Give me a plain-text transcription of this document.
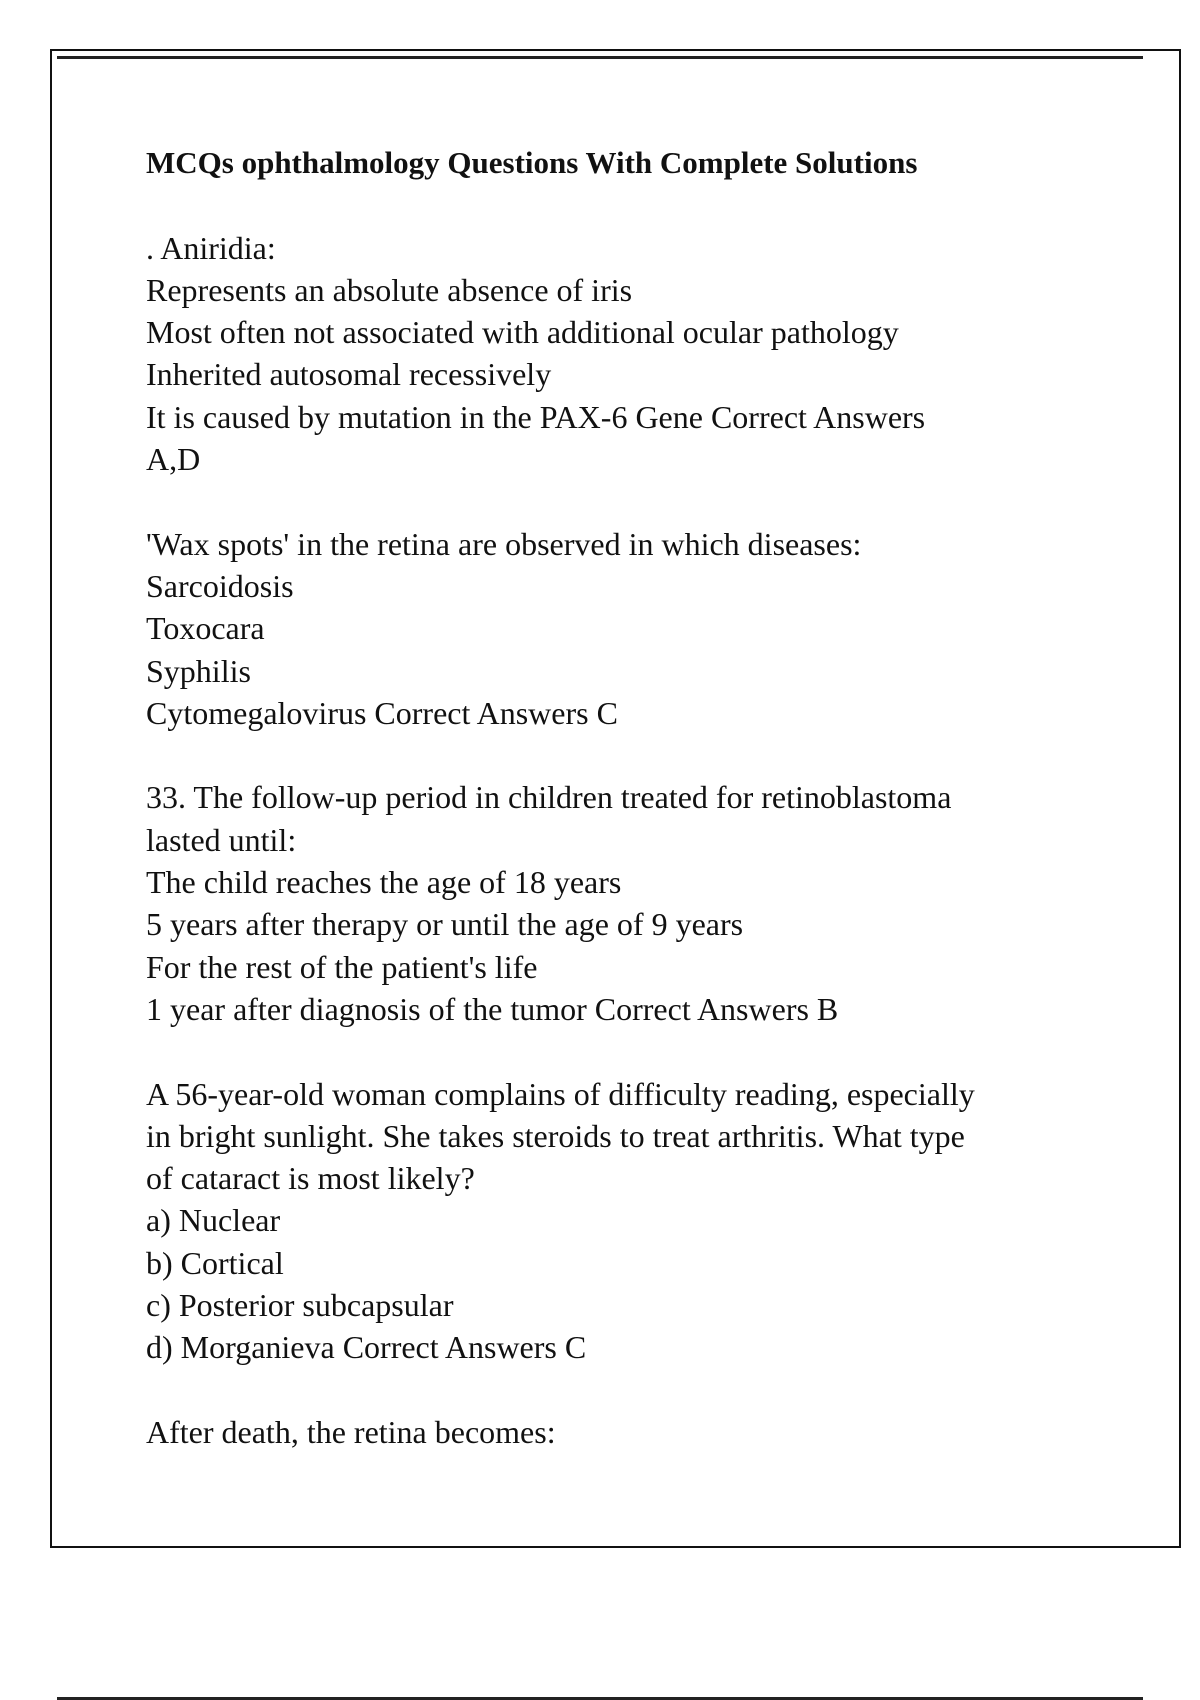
MCQs ophthalmology Questions With Complete Solutions
. Aniridia:
Represents an absolute absence of iris
Most often not associated with additional ocular pathology
Inherited autosomal recessively
It is caused by mutation in the PAX-6 Gene Correct Answers
A,D
'Wax spots' in the retina are observed in which diseases:
Sarcoidosis
Toxocara
Syphilis
Cytomegalovirus Correct Answers C
33. The follow-up period in children treated for retinoblastoma
lasted until:
The child reaches the age of 18 years
5 years after therapy or until the age of 9 years
For the rest of the patient's life
1 year after diagnosis of the tumor Correct Answers B
A 56-year-old woman complains of difficulty reading, especially
in bright sunlight. She takes steroids to treat arthritis. What type
of cataract is most likely?
a) Nuclear
b) Cortical
c) Posterior subcapsular
d) Morganieva Correct Answers C
After death, the retina becomes:
